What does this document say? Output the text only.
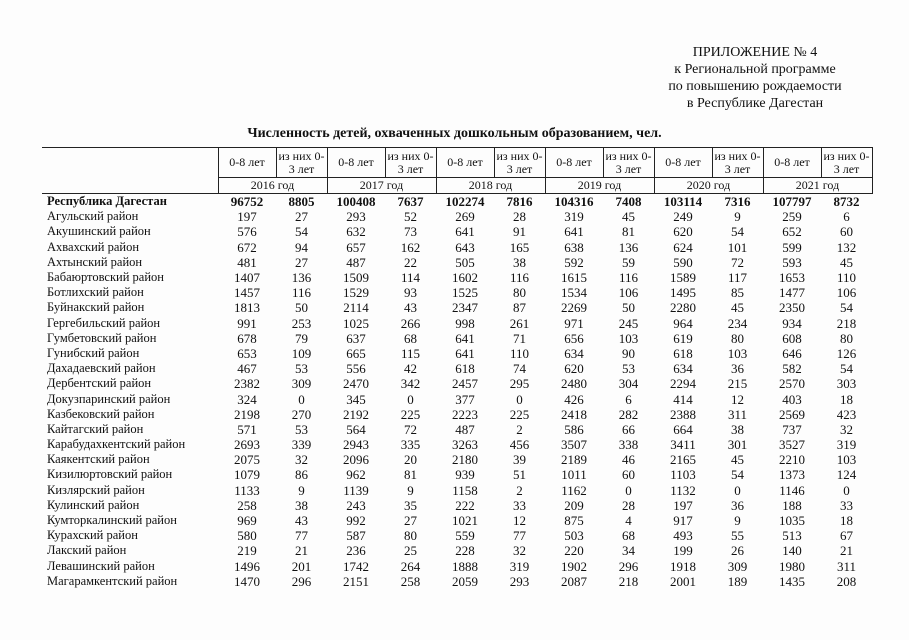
ПРИЛОЖЕНИЕ № 4
к Региональной программе
по повышению рождаемости
в Республике Дагестан
Численность детей, охваченных дошкольным образованием, чел.
	0-8 лет	из них 0-3 лет	0-8 лет	из них 0-3 лет	0-8 лет	из них 0-3 лет	0-8 лет	из них 0-3 лет	0-8 лет	из них 0-3 лет	0-8 лет	из них 0-3 лет
	2016 год		2017 год		2018 год		2019 год		2020 год		2021 год	
Республика Дагестан	96752	8805	100408	7637	102274	7816	104316	7408	103114	7316	107797	8732
Агульский район	197	27	293	52	269	28	319	45	249	9	259	6
Акушинский район	576	54	632	73	641	91	641	81	620	54	652	60
Ахвахский район	672	94	657	162	643	165	638	136	624	101	599	132
Ахтынский район	481	27	487	22	505	38	592	59	590	72	593	45
Бабаюртовский район	1407	136	1509	114	1602	116	1615	116	1589	117	1653	110
Ботлихский район	1457	116	1529	93	1525	80	1534	106	1495	85	1477	106
Буйнакский район	1813	50	2114	43	2347	87	2269	50	2280	45	2350	54
Гергебильский район	991	253	1025	266	998	261	971	245	964	234	934	218
Гумбетовский район	678	79	637	68	641	71	656	103	619	80	608	80
Гунибский район	653	109	665	115	641	110	634	90	618	103	646	126
Дахадаевский район	467	53	556	42	618	74	620	53	634	36	582	54
Дербентский район	2382	309	2470	342	2457	295	2480	304	2294	215	2570	303
Докузпаринский район	324	0	345	0	377	0	426	6	414	12	403	18
Казбековский район	2198	270	2192	225	2223	225	2418	282	2388	311	2569	423
Кайтагский район	571	53	564	72	487	2	586	66	664	38	737	32
Карабудахкентский район	2693	339	2943	335	3263	456	3507	338	3411	301	3527	319
Каякентский район	2075	32	2096	20	2180	39	2189	46	2165	45	2210	103
Кизилюртовский район	1079	86	962	81	939	51	1011	60	1103	54	1373	124
Кизлярский район	1133	9	1139	9	1158	2	1162	0	1132	0	1146	0
Кулинский район	258	38	243	35	222	33	209	28	197	36	188	33
Кумторкалинский район	969	43	992	27	1021	12	875	4	917	9	1035	18
Курахский район	580	77	587	80	559	77	503	68	493	55	513	67
Лакский район	219	21	236	25	228	32	220	34	199	26	140	21
Левашинский район	1496	201	1742	264	1888	319	1902	296	1918	309	1980	311
Магарамкентский район	1470	296	2151	258	2059	293	2087	218	2001	189	1435	208
